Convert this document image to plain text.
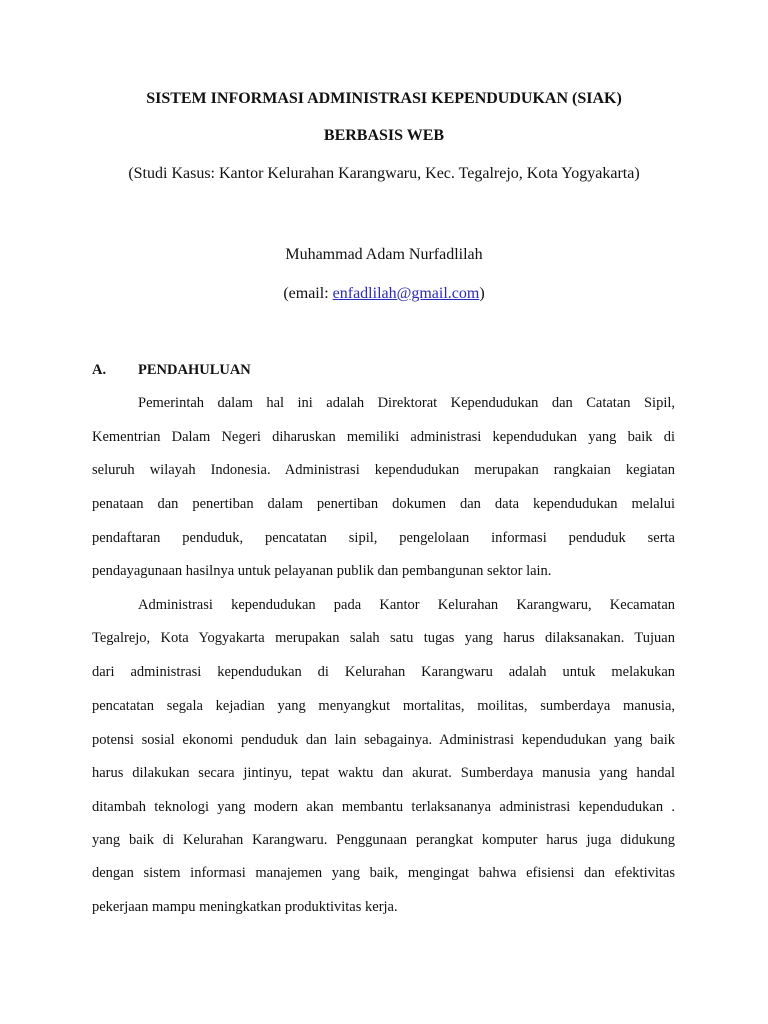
SISTEM INFORMASI ADMINISTRASI KEPENDUDUKAN (SIAK)
BERBASIS WEB
(Studi Kasus: Kantor Kelurahan Karangwaru, Kec. Tegalrejo, Kota Yogyakarta)
Muhammad Adam Nurfadlilah
(email: enfadlilah@gmail.com)
A. PENDAHULUAN
Pemerintah dalam hal ini adalah Direktorat Kependudukan dan Catatan Sipil,
Kementrian Dalam Negeri diharuskan memiliki administrasi kependudukan yang baik di
seluruh wilayah Indonesia. Administrasi kependudukan merupakan rangkaian kegiatan
penataan dan penertiban dalam penertiban dokumen dan data kependudukan melalui
pendaftaran penduduk, pencatatan sipil, pengelolaan informasi penduduk serta
pendayagunaan hasilnya untuk pelayanan publik dan pembangunan sektor lain.
Administrasi kependudukan pada Kantor Kelurahan Karangwaru, Kecamatan
Tegalrejo, Kota Yogyakarta merupakan salah satu tugas yang harus dilaksanakan. Tujuan
dari administrasi kependudukan di Kelurahan Karangwaru adalah untuk melakukan
pencatatan segala kejadian yang menyangkut mortalitas, moilitas, sumberdaya manusia,
potensi sosial ekonomi penduduk dan lain sebagainya. Administrasi kependudukan yang baik
harus dilakukan secara jintinyu, tepat waktu dan akurat. Sumberdaya manusia yang handal
ditambah teknologi yang modern akan membantu terlaksananya administrasi kependudukan .
yang baik di Kelurahan Karangwaru. Penggunaan perangkat komputer harus juga didukung
dengan sistem informasi manajemen yang baik, mengingat bahwa efisiensi dan efektivitas
pekerjaan mampu meningkatkan produktivitas kerja.
